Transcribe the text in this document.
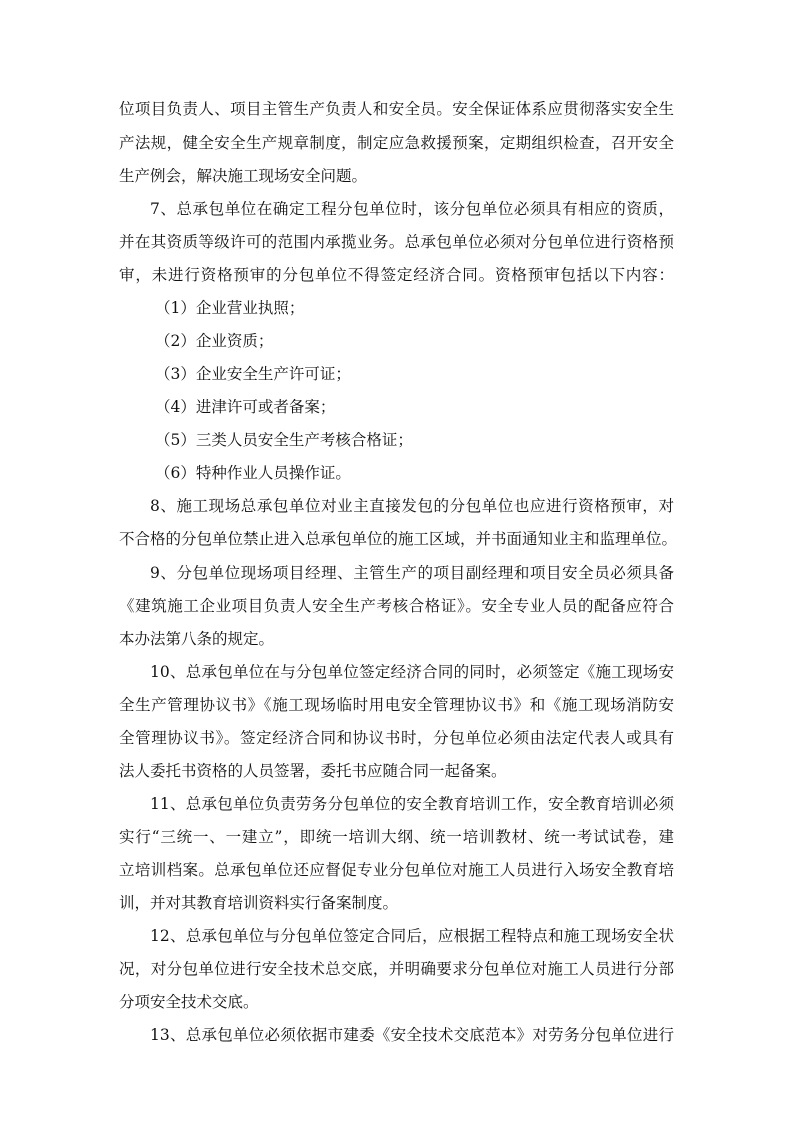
位项目负责人、项目主管生产负责人和安全员。安全保证体系应贯彻落实安全生
产法规，健全安全生产规章制度，制定应急救援预案，定期组织检查，召开安全
生产例会，解决施工现场安全问题。
7、总承包单位在确定工程分包单位时，该分包单位必须具有相应的资质，
并在其资质等级许可的范围内承揽业务。总承包单位必须对分包单位进行资格预
审，未进行资格预审的分包单位不得签定经济合同。资格预审包括以下内容：
（1）企业营业执照；
（2）企业资质；
（3）企业安全生产许可证；
（4）进津许可或者备案；
（5）三类人员安全生产考核合格证；
（6）特种作业人员操作证。
8、施工现场总承包单位对业主直接发包的分包单位也应进行资格预审，对
不合格的分包单位禁止进入总承包单位的施工区域，并书面通知业主和监理单位。
9、分包单位现场项目经理、主管生产的项目副经理和项目安全员必须具备
《建筑施工企业项目负责人安全生产考核合格证》。安全专业人员的配备应符合
本办法第八条的规定。
10、总承包单位在与分包单位签定经济合同的同时，必须签定《施工现场安
全生产管理协议书》《施工现场临时用电安全管理协议书》和《施工现场消防安
全管理协议书》。签定经济合同和协议书时，分包单位必须由法定代表人或具有
法人委托书资格的人员签署，委托书应随合同一起备案。
11、总承包单位负责劳务分包单位的安全教育培训工作，安全教育培训必须
实行“三统一、一建立”，即统一培训大纲、统一培训教材、统一考试试卷，建
立培训档案。总承包单位还应督促专业分包单位对施工人员进行入场安全教育培
训，并对其教育培训资料实行备案制度。
12、总承包单位与分包单位签定合同后，应根据工程特点和施工现场安全状
况，对分包单位进行安全技术总交底，并明确要求分包单位对施工人员进行分部
分项安全技术交底。
13、总承包单位必须依据市建委《安全技术交底范本》对劳务分包单位进行
